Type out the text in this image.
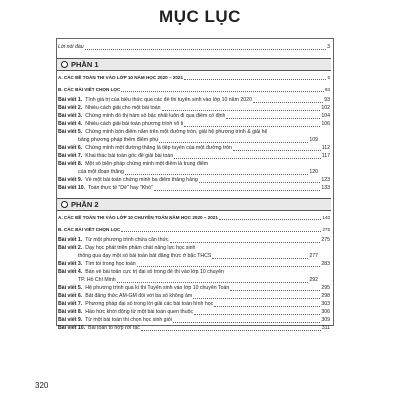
MỤC LỤC
Lời nói đầu	3
PHẦN 1
A. CÁC ĐỀ TOÁN THI VÀO LỚP 10 NĂM HỌC 2020 – 2021	5
B. CÁC BÀI VIẾT CHỌN LỌC	93
Bài viết 1. Tính giá trị của biểu thức qua các đề thi tuyển sinh vào lớp 10 năm 2020	93
Bài viết 2. Nhiều cách giải cho một bài toán	102
Bài viết 3. Chứng minh đồ thị hàm số bậc nhất luôn đi qua điểm cố định	104
Bài viết 4. Nhiều cách giải bài toán phương trình vô tỉ	106
Bài viết 5. Chứng minh bốn điểm nằm trên một đường tròn, giải hệ phương trình & giải hệ
bằng phương pháp thêm điểm phụ	109
Bài viết 6. Chứng minh một đường thẳng là tiếp tuyến của một đường tròn	112
Bài viết 7. Khai thác bài toán gốc để giải bài toán	117
Bài viết 8. Một số biện pháp chứng minh một điểm là trung điểm
của một đoạn thẳng	120
Bài viết 9. Về một bài toán chứng minh ba điểm thẳng hàng	123
Bài viết 10. Toán thực tế "Dễ" hay "Khó"	133
PHẦN 2
A. CÁC ĐỀ TOÁN THI VÀO LỚP 10 CHUYÊN TOÁN NĂM HỌC 2020 – 2021	140
B. CÁC BÀI VIẾT CHỌN LỌC	275
Bài viết 1. Từ một phương trình chứa căn thức	275
Bài viết 2. Dạy học phát triển phẩm chất năng lực học sinh
thông qua dạy một số bài toán bất đẳng thức ở bậc THCS	277
Bài viết 3. Tìm tòi trong học toán	283
Bài viết 4. Bàn về bài toán cực trị đại số trong đề thi vào lớp 10 chuyên
TP. Hồ Chí Minh	292
Bài viết 5. Hệ phương trình qua kì thi Tuyển sinh vào lớp 10 chuyên Toán	295
Bài viết 6. Bất đẳng thức AM-GM đối với ba số không âm	298
Bài viết 7. Phương pháp đại số trong lời giải các bài toán hình học	303
Bài viết 8. Hào hức khởi động từ một bài toán quen thuộc	306
Bài viết 9. Từ một bài toán thi chọn học sinh giỏi	309
Bài viết 10. Bài toán tổ hợp rời rạc	311
320
